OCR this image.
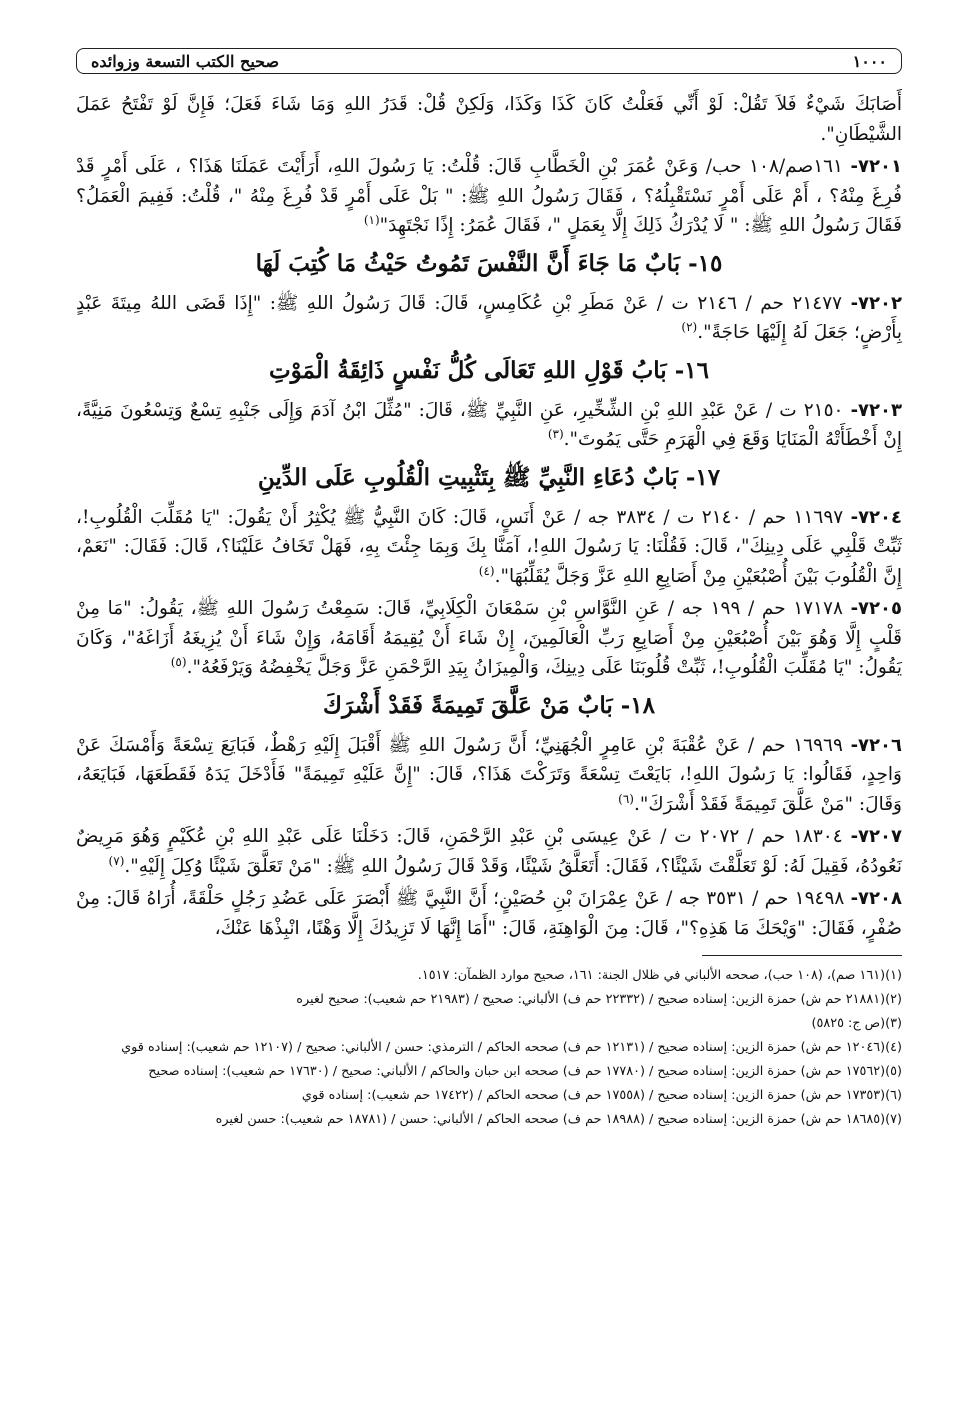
١٠٠٠
صحيح الكتب التسعة وزوائده

أَصَابَكَ شَيْءٌ فَلاَ تَقُلْ: لَوْ أَنِّي فَعَلْتُ كَانَ كَذَا وَكَذَا، وَلَكِنْ قُلْ: قَدَرُ اللهِ وَمَا شَاءَ فَعَلَ؛ فَإِنَّ لَوْ تَفْتَحُ عَمَلَ الشَّيْطَانِ".

٧٢٠١- ١٦١صم/١٠٨ حب/ وَعَنْ عُمَرَ بْنِ الْخَطَّابِ قَالَ: قُلْتُ: يَا رَسُولَ اللهِ، أَرَأَيْتَ عَمَلَنَا هَذَا؟ ، عَلَى أَمْرٍ قَدْ فُرِغَ مِنْهُ؟ ، أَمْ عَلَى أَمْرٍ نَسْتَقْبِلُهُ؟ ، فَقَالَ رَسُولُ اللهِ ﷺ: " بَلْ عَلَى أَمْرٍ قَدْ فُرِغَ مِنْهُ "، قُلْتُ: فَفِيمَ الْعَمَلُ؟ فَقَالَ رَسُولُ اللهِ ﷺ: " لَا يُدْرَكُ ذَلِكَ إِلَّا بِعَمَلٍ "، فَقَالَ عُمَرُ: إِذًا نَجْتَهِدَ"$^{(١)}$

١٥- بَابٌ مَا جَاءَ أَنَّ النَّفْسَ تَمُوتُ حَيْثُ مَا كُتِبَ لَهَا

٧٢٠٢- ٢١٤٧٧ حم / ٢١٤٦ ت / عَنْ مَطَرِ بْنِ عُكَامِسٍ، قَالَ: قَالَ رَسُولُ اللهِ ﷺ: "إِذَا قَضَى اللهُ مِيتَةَ عَبْدٍ بِأَرْضٍ؛ جَعَلَ لَهُ إِلَيْهَا حَاجَةً".$^{(٢)}$

١٦- بَابُ قَوْلِ اللهِ تَعَالَى كُلُّ نَفْسٍ ذَائِقَةُ الْمَوْتِ

٧٢٠٣- ٢١٥٠ ت / عَنْ عَبْدِ اللهِ بْنِ الشِّخِّيرِ، عَنِ النَّبِيِّ ﷺ، قَالَ: "مُثِّلَ ابْنُ آدَمَ وَإِلَى جَنْبِهِ تِسْعٌ وَتِسْعُونَ مَنِيَّةً، إِنْ أَخْطَأَتْهُ الْمَنَايَا وَقَعَ فِي الْهَرَمِ حَتَّى يَمُوتَ".$^{(٣)}$

١٧- بَابٌ دُعَاءِ النَّبِيِّ ﷺ بِتَثْبِيتِ الْقُلُوبِ عَلَى الدِّينِ

٧٢٠٤- ١١٦٩٧ حم / ٢١٤٠ ت / ٣٨٣٤ جه / عَنْ أَنَسٍ، قَالَ: كَانَ النَّبِيُّ ﷺ يُكْثِرُ أَنْ يَقُولَ: "يَا مُقَلِّبَ الْقُلُوبِ!، ثَبِّتْ قَلْبِي عَلَى دِينِكَ"، قَالَ: فَقُلْنَا: يَا رَسُولَ اللهِ!، آمَنَّا بِكَ وَبِمَا جِئْتَ بِهِ، فَهَلْ تَخَافُ عَلَيْنَا؟، قَالَ: فَقَالَ: "نَعَمْ، إِنَّ الْقُلُوبَ بَيْنَ أُصْبُعَيْنِ مِنْ أَصَابِعِ اللهِ عَزَّ وَجَلَّ يُقَلِّبُهَا".$^{(٤)}$

٧٢٠٥- ١٧١٧٨ حم / ١٩٩ جه / عَنِ النَّوَّاسِ بْنِ سَمْعَانَ الْكِلَابِيِّ، قَالَ: سَمِعْتُ رَسُولَ اللهِ ﷺ، يَقُولُ: "مَا مِنْ قَلْبٍ إِلَّا وَهُوَ بَيْنَ أُصْبُعَيْنِ مِنْ أَصَابِعِ رَبِّ الْعَالَمِينَ، إِنْ شَاءَ أَنْ يُقِيمَهُ أَقَامَهُ، وَإِنْ شَاءَ أَنْ يُزِيغَهُ أَزَاغَهُ"، وَكَانَ يَقُولُ: "يَا مُقَلِّبَ الْقُلُوبِ!، ثَبِّتْ قُلُوبَنَا عَلَى دِينِكَ، وَالْمِيزَانُ بِيَدِ الرَّحْمَنِ عَزَّ وَجَلَّ يَخْفِضُهُ وَيَرْفَعُهُ".$^{(٥)}$

١٨- بَابٌ مَنْ عَلَّقَ تَمِيمَةً فَقَدْ أَشْرَكَ

٧٢٠٦- ١٦٩٦٩ حم / عَنْ عُقْبَةَ بْنِ عَامِرٍ الْجُهَنِيِّ؛ أَنَّ رَسُولَ اللهِ ﷺ أَقْبَلَ إِلَيْهِ رَهْطٌ، فَبَايَعَ تِسْعَةً وَأَمْسَكَ عَنْ وَاحِدٍ، فَقَالُوا: يَا رَسُولَ اللهِ!، بَايَعْتَ تِسْعَةً وَتَرَكْتَ هَذَا؟، قَالَ: "إِنَّ عَلَيْهِ تَمِيمَةً" فَأَدْخَلَ يَدَهُ فَقَطَعَهَا، فَبَايَعَهُ، وَقَالَ: "مَنْ عَلَّقَ تَمِيمَةً فَقَدْ أَشْرَكَ".$^{(٦)}$

٧٢٠٧- ١٨٣٠٤ حم / ٢٠٧٢ ت / عَنْ عِيسَى بْنِ عَبْدِ الرَّحْمَنِ، قَالَ: دَخَلْنَا عَلَى عَبْدِ اللهِ بْنِ عُكَيْمٍ وَهُوَ مَرِيضٌ نَعُودُهُ، فَقِيلَ لَهُ: لَوْ تَعَلَّقْتَ شَيْئًا؟، فَقَالَ: أَتَعَلَّقُ شَيْئًا، وَقَدْ قَالَ رَسُولُ اللهِ ﷺ: "مَنْ تَعَلَّقَ شَيْئًا وُكِلَ إِلَيْهِ".$^{(٧)}$

٧٢٠٨- ١٩٤٩٨ حم / ٣٥٣١ جه / عَنْ عِمْرَانَ بْنِ حُصَيْنٍ؛ أَنَّ النَّبِيَّ ﷺ أَبْصَرَ عَلَى عَضُدِ رَجُلٍ حَلْقَةً، أُرَاهُ قَالَ: مِنْ صُفْرٍ، فَقَالَ: "وَيْحَكَ مَا هَذِهِ؟"، قَالَ: مِنَ الْوَاهِنَةِ، قَالَ: "أَمَا إِنَّهَا لَا تَزِيدُكَ إِلَّا وَهْنًا، انْبِذْهَا عَنْكَ،

(١)(١٦١ صم)، (١٠٨ حب)، صححه الألباني في ظلال الجنة: ١٦١، صحيح موارد الظمآن: ١٥١٧.

(٢)(٢١٨٨١ حم ش) حمزة الزين: إسناده صحيح / (٢٢٣٣٢ حم ف) الألباني: صحيح / (٢١٩٨٣ حم شعيب): صحيح لغيره

(٣)(ص ج: ٥٨٢٥)

(٤)(١٢٠٤٦ حم ش) حمزة الزين: إسناده صحيح / (١٢١٣١ حم ف) صححه الحاكم / الترمذي: حسن / الألباني: صحيح / (١٢١٠٧ حم شعيب): إسناده قوي

(٥)(١٧٥٦٢ حم ش) حمزة الزين: إسناده صحيح / (١٧٧٨٠ حم ف) صححه ابن حبان والحاكم / الألباني: صحيح / (١٧٦٣٠ حم شعيب): إسناده صحيح

(٦)(١٧٣٥٣ حم ش) حمزة الزين: إسناده صحيح / (١٧٥٥٨ حم ف) صححه الحاكم / (١٧٤٢٢ حم شعيب): إسناده قوي

(٧)(١٨٦٨٥ حم ش) حمزة الزين: إسناده صحيح / (١٨٩٨٨ حم ف) صححه الحاكم / الألباني: حسن / (١٨٧٨١ حم شعيب): حسن لغيره
